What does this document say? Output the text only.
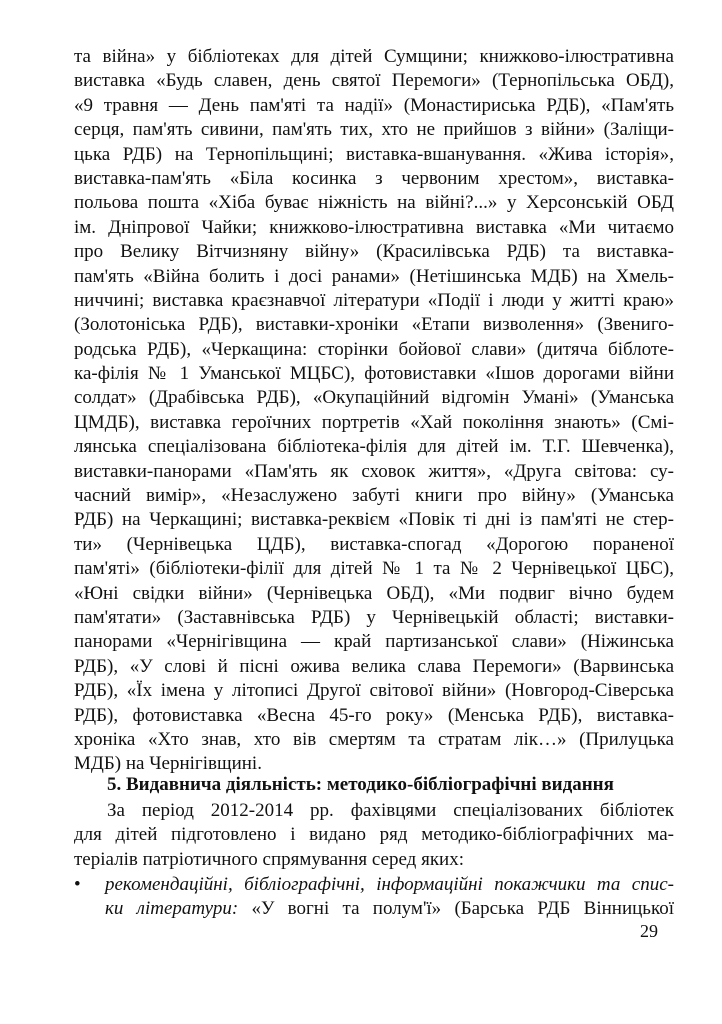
та війна» у бібліотеках для дітей Сумщини; книжково-ілюстративна
виставка «Будь славен, день святої Перемоги» (Тернопільська ОБД),
«9 травня — День пам'яті та надії» (Монастириська РДБ), «Пам'ять
серця, пам'ять сивини, пам'ять тих, хто не прийшов з війни» (Заліщи-
цька РДБ) на Тернопільщині; виставка-вшанування. «Жива історія»,
виставка-пам'ять «Біла косинка з червоним хрестом», виставка-
польова пошта «Хіба буває ніжність на війні?...» у Херсонській ОБД
ім. Дніпрової Чайки; книжково-ілюстративна виставка «Ми читаємо
про Велику Вітчизняну війну» (Красилівська РДБ) та виставка-
пам'ять «Війна болить і досі ранами» (Нетішинська МДБ) на Хмель-
ниччині; виставка краєзнавчої літератури «Події і люди у житті краю»
(Золотоніська РДБ), виставки-хроніки «Етапи визволення» (Звениго-
родська РДБ), «Черкащина: сторінки бойової слави» (дитяча біблоте-
ка-філія № 1 Уманської МЦБС), фотовиставки «Ішов дорогами війни
солдат» (Драбівська РДБ), «Окупаційний відгомін Умані» (Уманська
ЦМДБ), виставка героїчних портретів «Хай покоління знають» (Смі-
лянська спеціалізована бібліотека-філія для дітей ім. Т.Г. Шевченка),
виставки-панорами «Пам'ять як сховок життя», «Друга світова: су-
часний вимір», «Незаслужено забуті книги про війну» (Уманська
РДБ) на Черкащині; виставка-реквієм «Повік ті дні із пам'яті не стер-
ти» (Чернівецька ЦДБ), виставка-спогад «Дорогою пораненої
пам'яті» (бібліотеки-філії для дітей № 1 та № 2 Чернівецької ЦБС),
«Юні свідки війни» (Чернівецька ОБД), «Ми подвиг вічно будем
пам'ятати» (Заставнівська РДБ) у Чернівецькій області; виставки-
панорами «Чернігівщина — край партизанської слави» (Ніжинська
РДБ), «У слові й пісні ожива велика слава Перемоги» (Варвинська
РДБ), «Їх імена у літописі Другої світової війни» (Новгород-Сіверська
РДБ), фотовиставка «Весна 45-го року» (Менська РДБ), виставка-
хроніка «Хто знав, хто вів смертям та стратам лік…» (Прилуцька
МДБ) на Чернігівщині.
5. Видавнича діяльність: методико-бібліографічні видання
За період 2012-2014 рр. фахівцями спеціалізованих бібліотек
для дітей підготовлено і видано ряд методико-бібліографічних ма-
теріалів патріотичного спрямування серед яких:
•	рекомендаційні, бібліографічні, інформаційні покажчики та спис-
ки літератури: «У вогні та полум'ї» (Барська РДБ Вінницької
29
